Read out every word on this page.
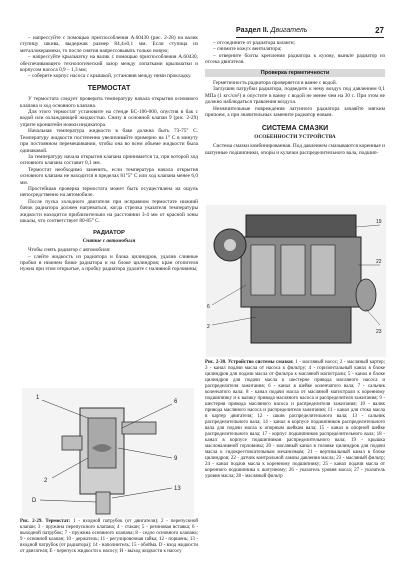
Раздел II. Двигатель	27

– напрессуйте с помощью приспособления А.60430 (рис. 2-28) на валик ступицу шкива, выдержав размер 84,4±0,1 мм. Если ступица из металлокерамики, то после снятия напрессовывать только новую;

– напрессуйте крыльчатку на валик с помощью приспособления А.60430, обеспечивающего технологический зазор между лопатками крыльчатки и корпусом насоса 0,9 – 1,3 мм;

– соберите корпус насоса с крышкой, установив между ними прокладку.

ТЕРМОСТАТ

У термостата следует проверить температуру начала открытия основного клапана и ход основного клапана.

Для этого термостат установите на стенде БС-106-000, опустив в бак с водой или охлаждающей жидкостью. Снизу в основной клапан 9 (рис. 2-29) уприте кронштейн ножки индикатора.

Начальная температура жидкости в баке должна быть 73-75° С. Температуру жидкости постепенно увеличивайте примерно на 1° С в минуту при постоянном перемешивании, чтобы она во всем объеме жидкости была одинаковой.

За температуру начала открытия клапана принимается та, при которой ход основного клапана составит 0,1 мм.

Термостат необходимо заменить, если температура начала открытия основного клапана не находится в пределах 81°5° С или ход клапана менее 6,0 мм.

Простейшая проверка термостата может быть осуществлена на ощупь непосредственно на автомобиле.

После пуска холодного двигателя при исправном термостате нижний бачок радиатора должен нагреваться, когда стрелка указателя температуры жидкости находится приблизительно на расстоянии 3-4 мм от красной зоны шкалы, что соответствует 80-85° С.

РАДИАТОР
Снятие с автомобиля

Чтобы снять радиатор с автомобиля:

– слейте жидкость из радиатора и блока цилиндров, удалив сливные пробки в нижнем бачке радиатора и на блоке цилиндров; кран отопителя нужна при этом открытые, а пробку радиатора удалите с наливной горловины;

1
2
6
9
13
D
Рис. 2-29. Термостат: 1 - входной патрубок (от двигателя); 2 - перепускной клапан; 3 - пружина перепускного клапана; 4 - стакан; 5 - резиновая вставка; 6 - выходной патрубок; 7 - пружина основного клапана; 8 - седло основного клапана; 9 - основной клапан; 10 - держатель; 11 - регулировочная гайка; 12 - поршень; 13 - входной патрубок (от радиатора); 14 - наполнитель; 15 - обойма. D - вход жидкости от двигателя; Е - перепуск жидкости к насосу; Н - выход жидкости к насосу

– отсоедините от радиатора шланги;

– снимите кожух вентилятора;

– отверните болты крепления радиатора к кузову, выньте радиатор из отсека двигателя.

Проверка герметичности

Герметичность радиатора проверяется в ванне с водой.

Заглушив патрубки радиатора, подведите к нему воздух под давлением 0,1 МПа (1 кгс/см²) и опустите в ванну с водой не менее чем на 30 с. При этом не должно наблюдаться травления воздуха.

Незначительные повреждения латунного радиатора запаяйте мягким припоем, а при значительных замените радиатор новым.

СИСТЕМА СМАЗКИ
ОСОБЕННОСТИ УСТРОЙСТВА

Система смазки комбинированная. Под давлением смазываются коренные и шатунные подшипники, опоры и кулачки распределительного вала, подшип-

6
2
19
22
23
Рис. 2-30. Устройство системы смазки: 1 - масляный насос; 2 - масляный картер; 3 - канал подачи масла от насоса к фильтру; 4 - горизонтальный канал в блоке цилиндров для подачи масла от фильтра к масляной магистрали; 5 - канал в блоке цилиндров для подачи масла к шестерне привода масляного насоса и распределителя зажигания; 6 - канал в шейке коленчатого вала; 7 - сальник коленчатого вала; 8 - канал подачи масла от масляной магистрали к коренному подшипнику и к валику привода масляного насоса и распределителя зажигания; 9 - шестерня привода масляного насоса и распределителя зажигания; 10 - валик привода масляного насоса и распределителя зажигания; 11 - канал для стока масла в картер двигателя; 12 - шкив распределительного вала; 13 - сальник распределительного вала; 14 - канал в корпусе подшипников распределительного вала для подачи масла к опорным шейкам вала; 15 - канал в опорной шейке распределительного вала; 17 - корпус подшипников распределительного вала; 18 - канал в корпусе подшипников распределительного вала; 19 - крышка маслоналивной горловины; 20 - масляный канал в головке цилиндров для подачи масла к гидокрестовсательным механизмам; 21 - вертикальный канал в блоке цилиндров; 22 - датчик контрольной лампы давления масла; 23 - масляный фильтр; 24 - канал подачи масла к коренному подшипнику; 25 - канал подачи масла от коренного подшипника к шатунному; 26 - указатель уровня масла; 27 - указатель уровня масла; 28 - масляный фильтр
